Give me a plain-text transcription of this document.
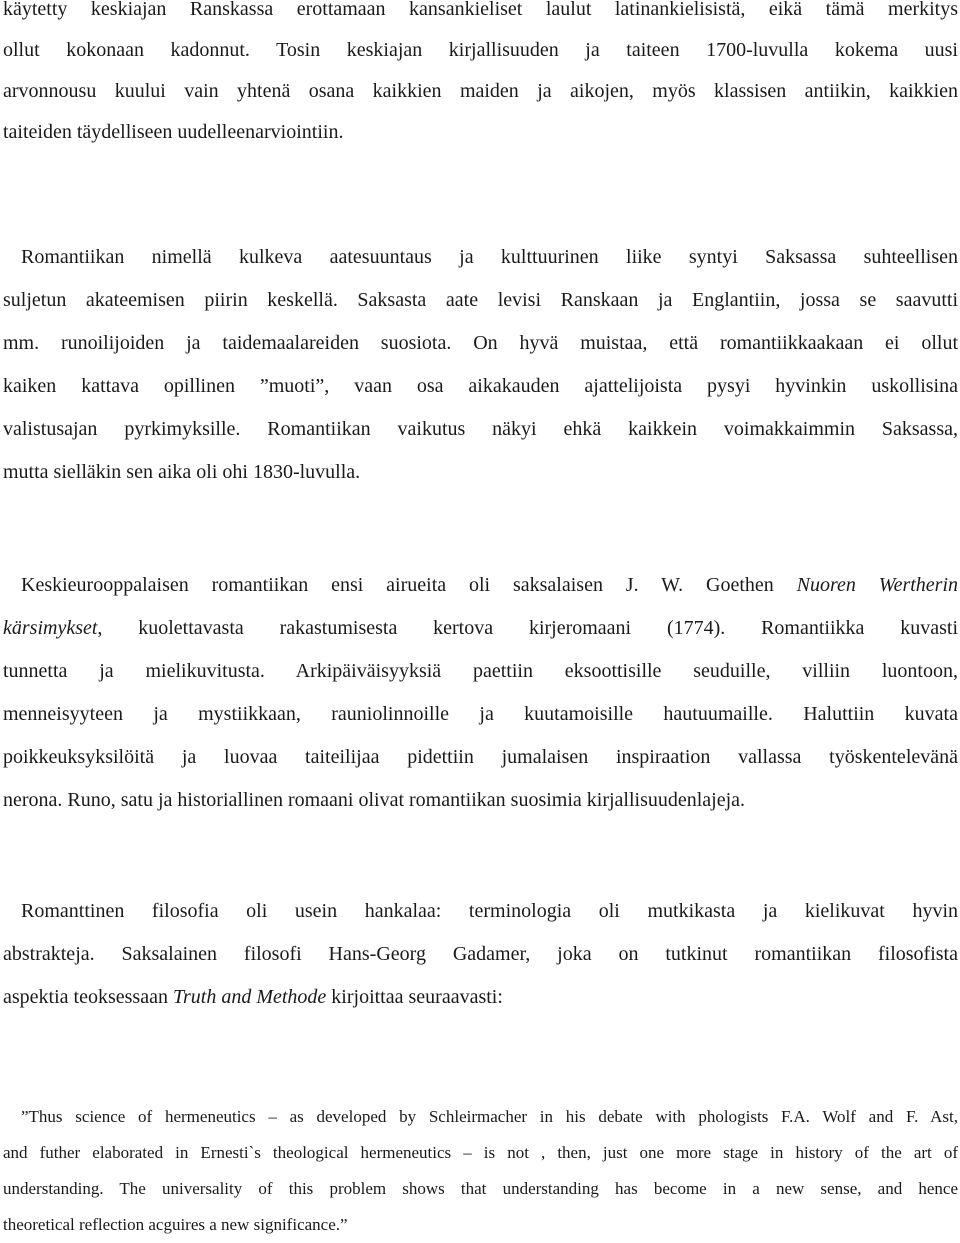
käytetty keskiajan Ranskassa erottamaan kansankieliset laulut latinankielisistä, eikä tämä merkitys
ollut kokonaan kadonnut. Tosin keskiajan kirjallisuuden ja taiteen 1700-luvulla kokema uusi
arvonnousu kuului vain yhtenä osana kaikkien maiden ja aikojen, myös klassisen antiikin, kaikkien
taiteiden täydelliseen uudelleenarviointiin.
Romantiikan nimellä kulkeva aatesuuntaus ja kulttuurinen liike syntyi Saksassa suhteellisen
suljetun akateemisen piirin keskellä. Saksasta aate levisi Ranskaan ja Englantiin, jossa se saavutti
mm. runoilijoiden ja taidemaalareiden suosiota. On hyvä muistaa, että romantiikkaakaan ei ollut
kaiken kattava opillinen ”muoti”, vaan osa aikakauden ajattelijoista pysyi hyvinkin uskollisina
valistusajan pyrkimyksille. Romantiikan vaikutus näkyi ehkä kaikkein voimakkaimmin Saksassa,
mutta sielläkin sen aika oli ohi 1830-luvulla.
Keskieurooppalaisen romantiikan ensi airueita oli saksalaisen J. W. Goethen Nuoren Wertherin
kärsimykset, kuolettavasta rakastumisesta kertova kirjeromaani (1774). Romantiikka kuvasti
tunnetta ja mielikuvitusta. Arkipäiväisyyksiä paettiin eksoottisille seuduille, villiin luontoon,
menneisyyteen ja mystiikkaan, rauniolinnoille ja kuutamoisille hautuumaille. Haluttiin kuvata
poikkeuksyksilöitä ja luovaa taiteilijaa pidettiin jumalaisen inspiraation vallassa työskentelevänä
nerona. Runo, satu ja historiallinen romaani olivat romantiikan suosimia kirjallisuudenlajeja.
Romanttinen filosofia oli usein hankalaa: terminologia oli mutkikasta ja kielikuvat hyvin
abstrakteja. Saksalainen filosofi Hans-Georg Gadamer, joka on tutkinut romantiikan filosofista
aspektia teoksessaan Truth and Methode kirjoittaa seuraavasti:
”Thus science of hermeneutics – as developed by Schleirmacher in his debate with phologists F.A. Wolf and F. Ast,
and futher elaborated in Ernesti`s theological hermeneutics – is not , then, just one more stage in history of the art of
understanding. The universality of this problem shows that understanding has become in a new sense, and hence
theoretical reflection acguires a new significance.”
